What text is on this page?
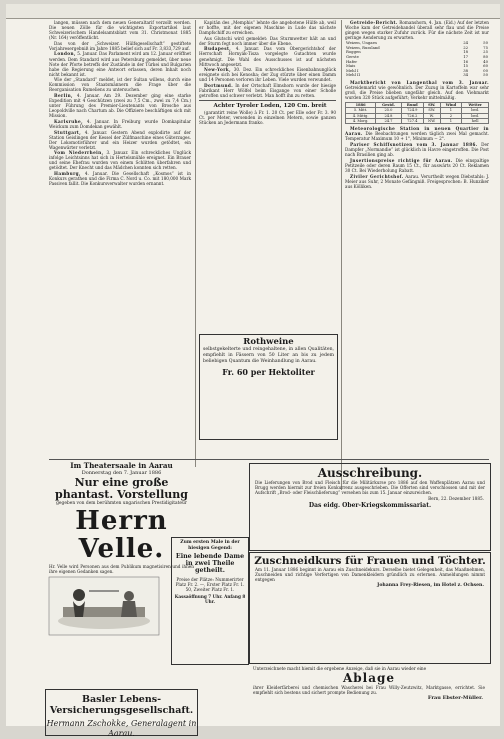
langen, müssen nach dem neuen Generaltarif verzollt werden. Die neuen Zölle für die wichtigsten Exportartikel laut Schweizerischem Handelsamtsblatt vom 31. Christmonat 1885 (Nr. 164) veröffentlicht.

Das von der „Schweizer. Hülfsgesellschaft“ gestiftete Vorjahresergebniß im Jahre 1885 belief sich auf Fr. 3,833,729 auf.

London, 5. Januar. Das Parlament wird am 12. Januar eröffnet werden. Dem Standard wird aus Petersburg gemeldet, über neue Note der Pforte betreffs der Zustände in der Türkei und Bulgarien habe die Regierung eine Antwort erlassen, deren Inhalt noch nicht bekannt ist.

Wie der „Standard“ meldet, ist der Sultan willens, durch eine Kommission von Staatsmännern die Frage über die Reorganisation Rumeliens zu untersuchen.

Berlin, 4. Januar. Am 29. Dezember ging eine starke Expedition mit 4 Geschützen (zwei zu 7,5 Cm., zwei zu 7,4 Cm.) unter Führung des Premier-Lieutenants von Brosche aus Leopoldville nach Chartum ab. Die Offiziere beschäftigen sich mit Mission.

Karlsruhe, 4. Januar. In Freiburg wurde Domkapitular Weickum zum Domdekan gewählt.

Stuttgart, 4. Januar. Gestern Abend explodirte auf der Station Geislingen der Kessel der Zülfmaschine eines Güterzuges. Der Lokomotivführer und ein Heizer wurden getödtet, ein Wagenwärter verletzt.

Vom Niederrhein, 3. Januar. Ein schreckliches Unglück infolge Leichtsinns hat sich in Hertelsmühle ereignet. Ein Brauer und seine Ehefrau wurden von einem Schlitten überfahren und getödtet. Der Knecht und das Mädchen konnten sich retten.

Hamburg, 4. Januar. Die Gesellschaft „Kosmos“ ist in Konkurs gerathen und die Firma C. Nord u. Co. mit 180,000 Mark Passiven fallit. Die Konkursverwalter wurden ernannt.

Kapitän des „Memphis“ lehnte die angebotene Hülfe ab, weil er hoffte, mit der eigenen Maschine in Lude das nächste Dampfschiff zu erreichen.

Aus Glutschi wird gemeldet: Das Sturmwetter hält an und der Sturm fegt noch immer über die Ebene.

Budapest, 4. Januar. Das vom Obergerichtshof der Herrschaft Hornyák-Tisza vorgelegte Gutachten wurde genehmigt. Die Wahl des Ausschusses ist auf nächsten Mittwoch angesetzt.

New-York, 30. Dez. Ein schreckliches Eisenbahnunglück ereignete sich bei Kenosha; der Zug stürzte über einen Damm und 14 Personen verloren ihr Leben. Viele wurden verwundet.

Dortmund. In der Ortschaft Elmshorn wurde der hiesige Fabrikant Herr Wölfel beim Eisgange von einer Scholle getroffen und schwer verletzt. Man hofft ihn zu retten.

Achter Tyroler Loden, 120 Cm. breit

(garantirt reine Wolle) à Fr. 1. 20 Ct. per Elle oder Fr. 3. 90 Ct. per Meter, versenden in einzelnen Metern, sowie ganzen Stücken an Jedermann franko.

Getreide-Bericht. Romanshorn, 4. Jan. (Eid.) Auf der letzten Woche kam der Getreidehandel überall sehr flau und die Preise gingen wegen starker Zufuhr zurück. Für die nächste Zeit ist nur geringe Aenderung zu erwarten.

Weizen, Ungarn	24	50
Weizen, Russland	22	75
Roggen	18	25
Gerste	17	80
Hafer	16	40
Mais	15	60
Mehl I	38	00
Mehl II	34	50

Marktbericht von Langenthal vom 3. Januar. Getreidemarkt wie gewöhnlich. Der Zuzug in Kartoffeln war sehr groß, die Preise blieben ungefähr gleich. Auf den Viehmarkt wurden 320 Stück aufgeführt; Verkehr mittelmäßig.

1886	Gestd.	Rund	SW.	Wind	Wetter
5. Mitt.	25.0	724.9	SW.	1	bed.
4. Mittg.	24.8	726.2	W.	2	bed.
4. Morg.	24.7	727.4	NW.	1	hell

Meteorologische Station in neuen Quartier in Aarau. Die Beobachtungen werden täglich zwei Mal gemacht. Temperatur Maximum 10 + 1°, Minimum − 2°.

Pariser Schiffsnotizen vom 3. Januar 1886. Der Dampfer „Normandie“ ist glücklich in Havre eingetroffen. Die Post nach Brasilien ging ab.

Jnsertionspreise richtige für Aarau. Die einspaltige Petitzeile oder deren Raum 15 Ct., für auswärts 20 Ct. Reklamen 30 Ct. Bei Wiederholung Rabatt.

Ziviler Gerichtshof. Aarau. Verurtheilt wegen Diebstahls: J. Meier aus Suhr, 2 Monate Gefängniß. Freigesprochen: B. Hunziker aus Kölliken.

Rothweine
selbstgekelterte und reingehaltene, in allen Qualitäten, empfiehlt in Fässern von 50 Liter an bis zu jedem beliebigen Quantum die Weinhandlung in Aarau.
Fr. 60 per Hektoliter
Im Theatersaale in Aarau
Donnerstag den 7. Januar 1886
Nur eine große phantast. Vorstellung
gegeben von dem berühmten ungarischen Prestidigitateur
Herrn Velle.
Hr. Velle wird Personen aus dem Publikum magnetisiren und ihnen ihre eigenen Gedanken sagen.
Basler Lebens-Versicherungsgesellschaft.
Hermann Zschokke, Generalagent in Aarau.
Zum ersten Male in der hiesigen Gegend:
Eine lebende Dame in zwei Theile getheilt.
Preise der Plätze: Nummerirter Platz Fr. 2. —, Erster Platz Fr. 1. 50, Zweiter Platz Fr. 1.
Kassaöffnung 7 Uhr. Anfang 8 Uhr.
Ausschreibung.
Die Lieferungen von Brod und Fleisch für die Militärkurse pro 1886 auf den Waffenplätzen Aarau und Brugg werden hiermit zur freien Konkurrenz ausgeschrieben. Die Offerten sind verschlossen und mit der Aufschrift „Brod- oder Fleischlieferung“ versehen bis zum 15. Januar einzureichen.
Bern, 22. Dezember 1885.
Das eidg. Ober-Kriegskommissariat.
Zuschneidkurs für Frauen und Töchter.
Am 11. Januar 1886 beginnt in Aarau ein Zuschneidekurs. Derselbe bietet Gelegenheit, das Maaßnehmen, Zuschneiden und richtige Verfertigen von Damenkleidern gründlich zu erlernen. Anmeldungen nimmt entgegen
Johanna Frey-Riesen, im Hotel z. Ochsen.
Unterzeichnete macht hiemit die ergebene Anzeige, daß sie in Aarau wieder eine
Ablage
ihrer Kleiderfärberei und chemischen Wascherei bei Frau Willy-Zeutzwitz, Marktgasse, errichtet. Sie empfiehlt sich bestens und sichert prompte Bedienung zu.
Frau Ebster-Müller.
